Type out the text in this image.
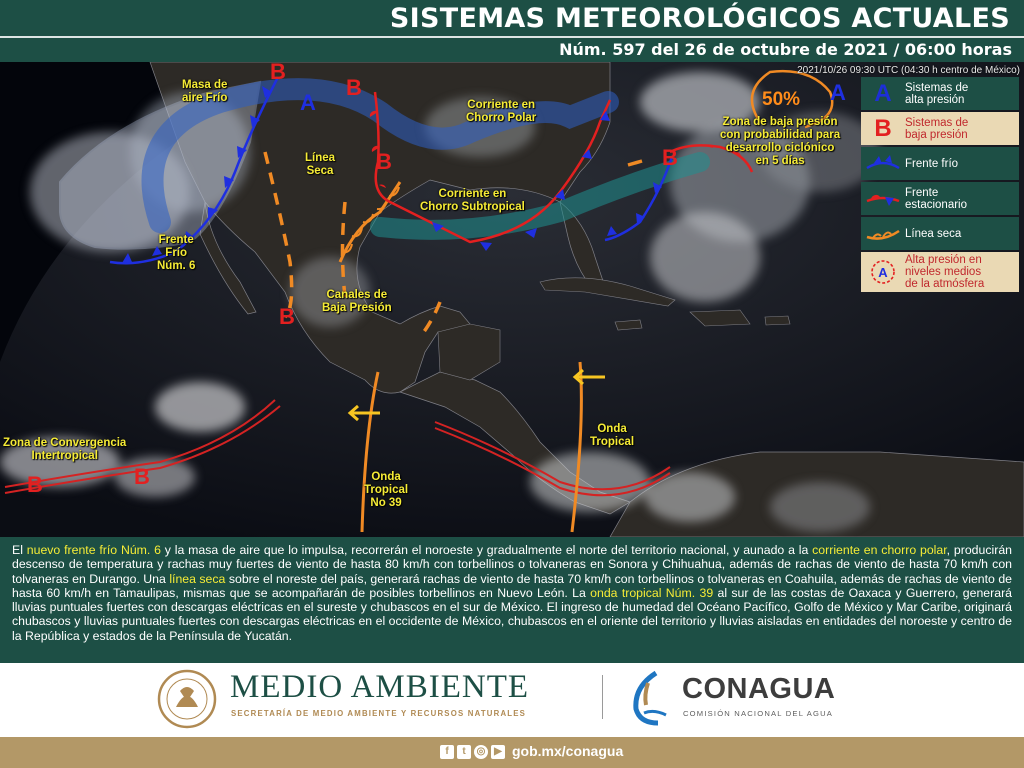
SISTEMAS METEOROLÓGICOS ACTUALES
Núm. 597 del 26 de octubre de 2021 / 06:00 horas
B
B
B
B
B
B	B
A	A
2021/10/26 09:30 UTC (04:30 h centro de México)
50%
Masa de
aire Frío
Línea
Seca
Corriente en
Chorro Polar
Corriente en
Chorro Subtropical
Zona de baja presión
con probabilidad para
desarrollo ciclónico
en 5 días
Frente
Frío
Núm. 6
Canales de
Baja Presión
Zona de Convergencia
Intertropical
Onda
Tropical
Onda
Tropical
No 39
A Sistemas de
alta presión
B Sistemas de
baja presión
Frente frío
Frente
estacionario
Línea seca
A
Alta presión en
niveles medios
de la atmósfera

El nuevo frente frío Núm. 6 y la masa de aire que lo impulsa, recorrerán el noroeste y gradualmente el norte del territorio nacional, y aunado a la corriente en chorro polar, producirán descenso de temperatura y rachas muy fuertes de viento de hasta 80 km/h con torbellinos o tolvaneras en Sonora y Chihuahua, además de rachas de viento de hasta 70 km/h con tolvaneras en Durango. Una línea seca sobre el noreste del país, generará rachas de viento de hasta 70 km/h con torbellinos o tolvaneras en Coahuila, además de rachas de viento de hasta 60 km/h en Tamaulipas, mismas que se acompañarán de posibles torbellinos en Nuevo León. La onda tropical Núm. 39 al sur de las costas de Oaxaca y Guerrero, generará lluvias puntuales fuertes con descargas eléctricas en el sureste y chubascos en el sur de México. El ingreso de humedad del Océano Pacífico, Golfo de México y Mar Caribe, originará chubascos y lluvias puntuales fuertes con descargas eléctricas en el occidente de México, chubascos en el oriente del territorio y lluvias aisladas en entidades del noroeste y centro de la República y estados de la Península de Yucatán.

MEDIO AMBIENTE
SECRETARÍA DE MEDIO AMBIENTE Y RECURSOS NATURALES
CONAGUA
COMISIÓN NACIONAL DEL AGUA
f	t	◎ ▶ gob.mx/conagua
